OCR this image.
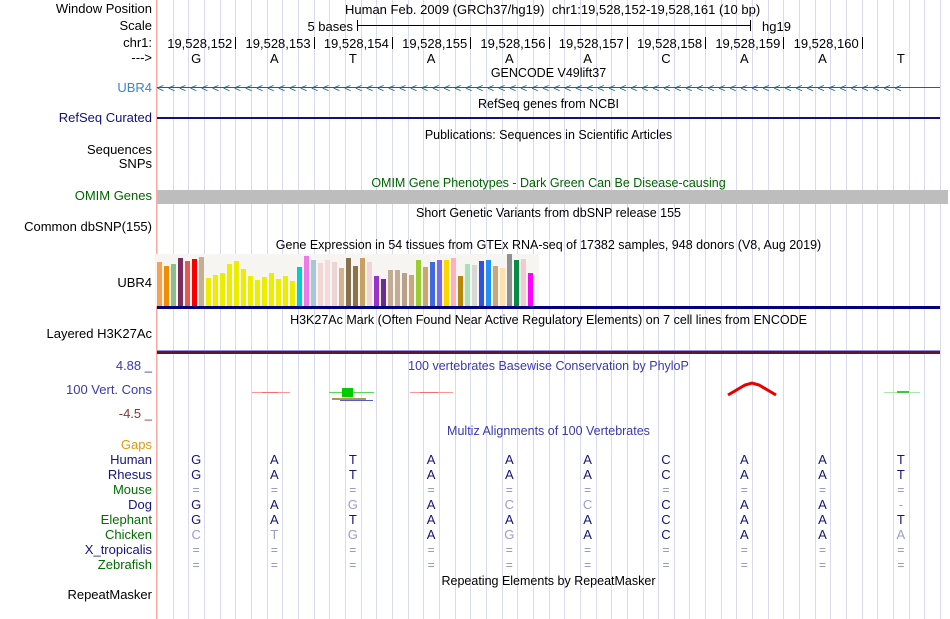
Window Position	Human Feb. 2009 (GRCh37/hg19) chr1:19,528,152-19,528,161 (10 bp)
Scale	5 bases	hg19
chr1: 19,528,152 19,528,153 19,528,154 19,528,155 19,528,156 19,528,157 19,528,158 19,528,159 19,528,160
--->	G	A	T	A	A	A	C	A	A	T
GENCODE V49lift37
UBR4 <<<<<<<<<<<<<<<<<<<<<<<<<<<<<<<<<<<<<<<<<<<<<<<<<<<<<<<<<<<<<<<<<<<<
RefSeq genes from NCBI
RefSeq Curated
Publications: Sequences in Scientific Articles
Sequences
SNPs
OMIM Gene Phenotypes - Dark Green Can Be Disease-causing
OMIM Genes
Short Genetic Variants from dbSNP release 155
Common dbSNP(155)
Gene Expression in 54 tissues from GTEx RNA-seq of 17382 samples, 948 donors (V8, Aug 2019)
UBR4
H3K27Ac Mark (Often Found Near Active Regulatory Elements) on 7 cell lines from ENCODE
Layered H3K27Ac
4.88 _	100 vertebrates Basewise Conservation by PhyloP
100 Vert. Cons
-4.5 _
Multiz Alignments of 100 Vertebrates
Gaps
Human	G	A	T	A	A	A	C	A	A	T
Rhesus	G	A	T	A	A	A	C	A	A	T
Mouse	=	=	=	=	=	=	=	=	=	=
Dog	G	A	G	A	C	C	C	A	A	-
Elephant	G	A	T	A	A	A	C	A	A	T
Chicken	C	T	G	A	G	A	C	A	A	A
X_tropicalis	=	=	=	=	=	=	=	=	=	=
Zebrafish	=	=	=	=	=	=	=	=	=	=
Repeating Elements by RepeatMasker
RepeatMasker
